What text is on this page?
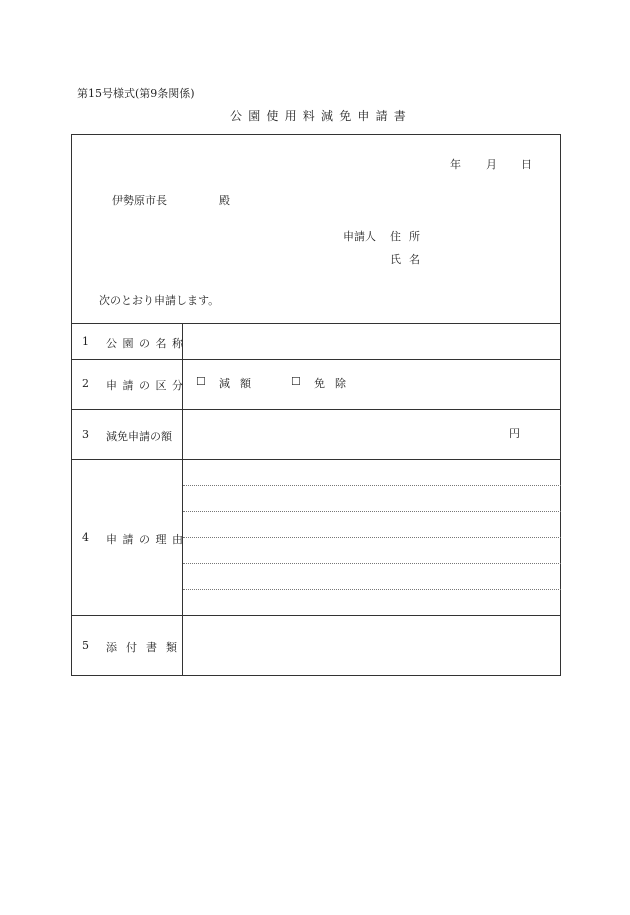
第15号様式(第9条関係)
公園使用料減免申請書
年 月 日
伊勢原市長	殿
申請人 住所
氏名
次のとおり申請します。
1 公園の名称
2 申請の区分 ☐ 減額	☐ 免除
3 減免申請の額	円
4 申請の理由
5 添付書類
